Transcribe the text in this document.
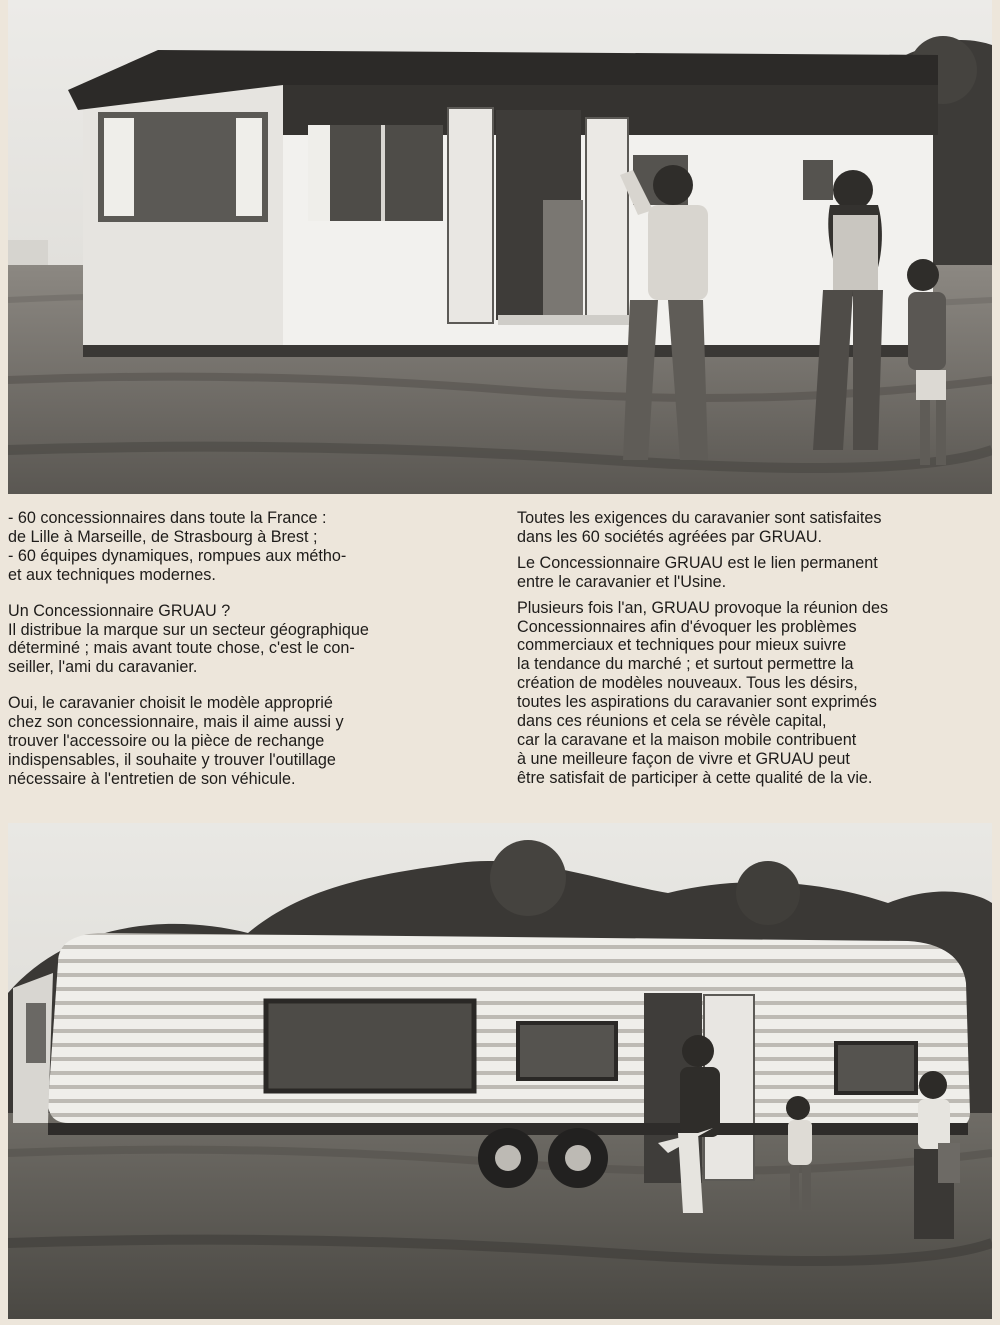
- 60 concessionnaires dans toute la France :
de Lille à Marseille, de Strasbourg à Brest ;
- 60 équipes dynamiques, rompues aux métho-
et aux techniques modernes.

Un Concessionnaire GRUAU ?
Il distribue la marque sur un secteur géographique
déterminé ; mais avant toute chose, c'est le con-
seiller, l'ami du caravanier.

Oui, le caravanier choisit le modèle approprié
chez son concessionnaire, mais il aime aussi y
trouver l'accessoire ou la pièce de rechange
indispensables, il souhaite y trouver l'outillage
nécessaire à l'entretien de son véhicule.

Toutes les exigences du caravanier sont satisfaites
dans les 60 sociétés agréées par GRUAU.

Le Concessionnaire GRUAU est le lien permanent
entre le caravanier et l'Usine.

Plusieurs fois l'an, GRUAU provoque la réunion des
Concessionnaires afin d'évoquer les problèmes
commerciaux et techniques pour mieux suivre
la tendance du marché ; et surtout permettre la
création de modèles nouveaux. Tous les désirs,
toutes les aspirations du caravanier sont exprimés
dans ces réunions et cela se révèle capital,
car la caravane et la maison mobile contribuent
à une meilleure façon de vivre et GRUAU peut
être satisfait de participer à cette qualité de la vie.
